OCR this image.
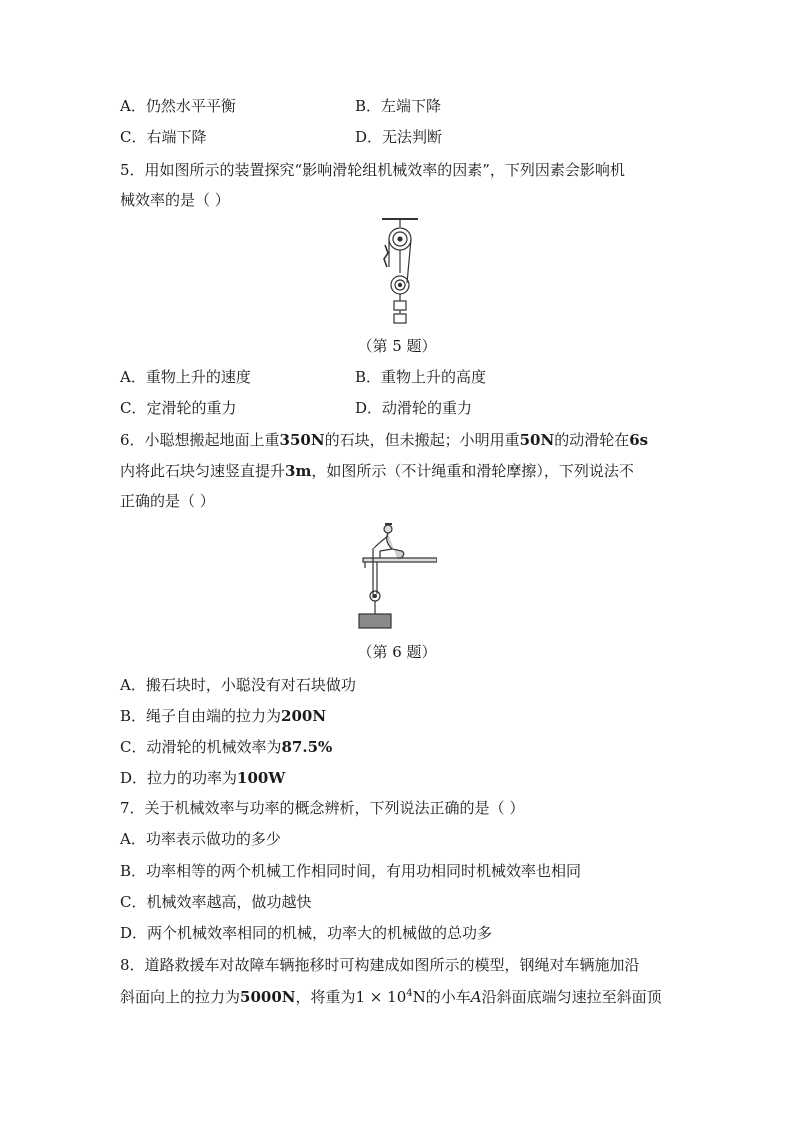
A．仍然水平平衡	B．左端下降
C．右端下降	D．无法判断
5．用如图所示的装置探究“影响滑轮组机械效率的因素”，下列因素会影响机
械效率的是（ ）
（第 5 题）
A．重物上升的速度	B．重物上升的高度
C．定滑轮的重力	D．动滑轮的重力
6．小聪想搬起地面上重350N的石块，但未搬起；小明用重50N的动滑轮在6s
内将此石块匀速竖直提升3m，如图所示（不计绳重和滑轮摩擦），下列说法不
正确的是（ ）
（第 6 题）
A．搬石块时，小聪没有对石块做功
B．绳子自由端的拉力为200N
C．动滑轮的机械效率为87.5%
D．拉力的功率为100W
7．关于机械效率与功率的概念辨析，下列说法正确的是（ ）
A．功率表示做功的多少
B．功率相等的两个机械工作相同时间，有用功相同时机械效率也相同
C．机械效率越高，做功越快
D．两个机械效率相同的机械，功率大的机械做的总功多
8．道路救援车对故障车辆拖移时可构建成如图所示的模型，钢绳对车辆施加沿
斜面向上的拉力为5000N，将重为$1 \times 10^4N$的小车A沿斜面底端匀速拉至斜面顶
